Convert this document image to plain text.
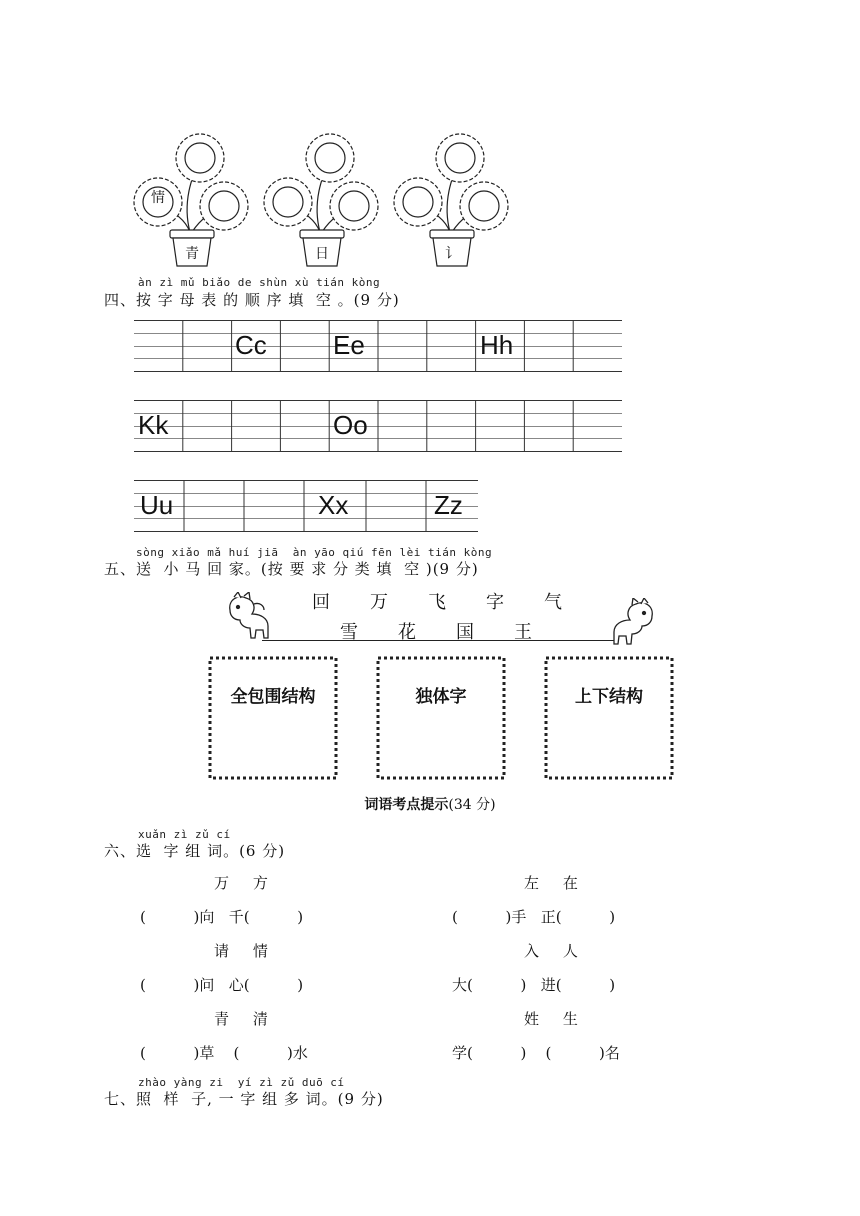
情
青	日	讠
àn zì mǔ biǎo de shùn xù tián kòng
四、按 字 母 表 的 顺 序 填  空 。(9 分)
Cc	Ee	Hh
Kk	Oo
Uu	Xx	Zz
sòng xiǎo mǎ huí jiā  àn yāo qiú fēn lèi tián kòng
五、送  小 马 回 家。(按 要 求 分 类 填  空 )(9 分)
回 万 飞 字 气
雪 花 国 王
全包围结构	独体字	上下结构
词语考点提示(34 分)
xuǎn zì zǔ cí
六、选  字 组 词。(6 分)
万     方
(          )向   千(          )
请     情
(          )问   心(          )
青     清
(          )草    (          )水
左     在
(          )手   正(          )
入     人
大(          )   进(          )
姓     生
学(          )    (          )名
zhào yàng zi  yí zì zǔ duō cí
七、照  样  子, 一 字 组 多 词。(9 分)
